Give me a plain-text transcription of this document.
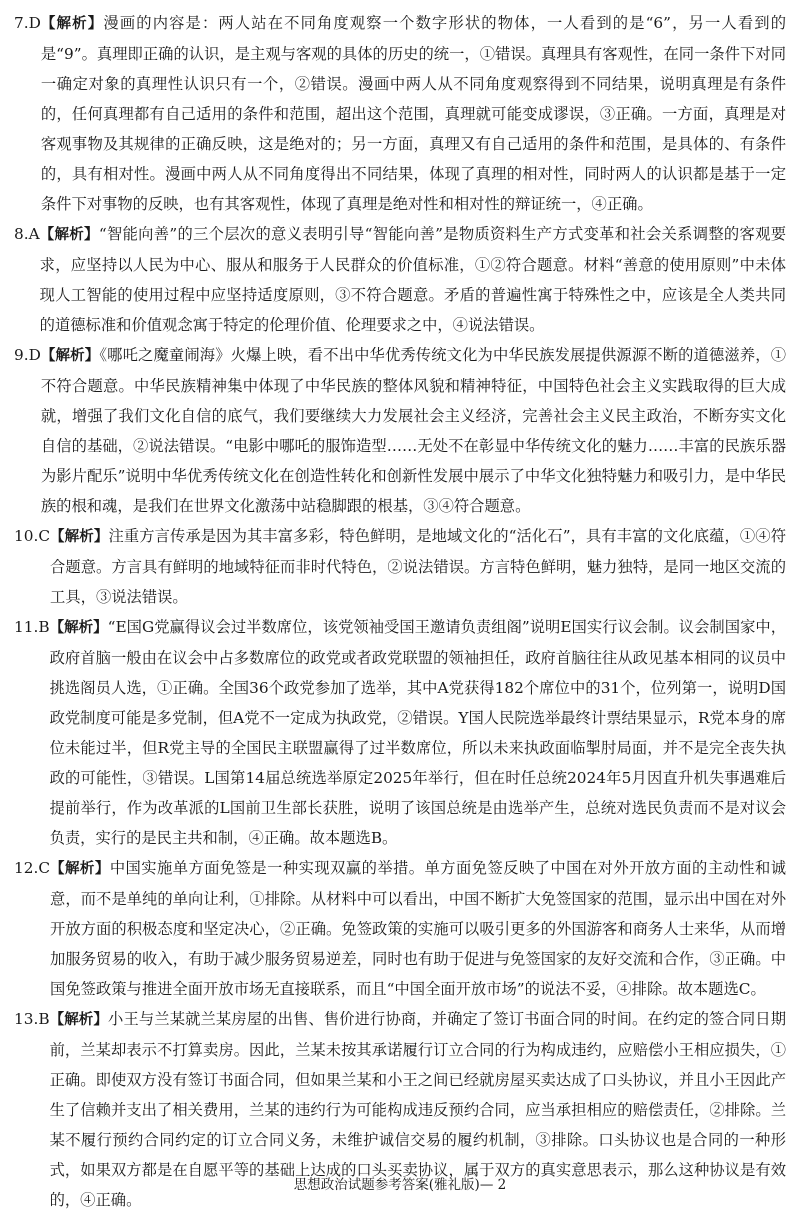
7.D 【解析】漫画的内容是：两人站在不同角度观察一个数字形状的物体，一人看到的是“6”，另一人看到的是“9”。真理即正确的认识，是主观与客观的具体的历史的统一，①错误。真理具有客观性，在同一条件下对同一确定对象的真理性认识只有一个，②错误。漫画中两人从不同角度观察得到不同结果，说明真理是有条件的，任何真理都有自己适用的条件和范围，超出这个范围，真理就可能变成谬误，③正确。一方面，真理是对客观事物及其规律的正确反映，这是绝对的；另一方面，真理又有自己适用的条件和范围，是具体的、有条件的，具有相对性。漫画中两人从不同角度得出不同结果，体现了真理的相对性，同时两人的认识都是基于一定条件下对事物的反映，也有其客观性，体现了真理是绝对性和相对性的辩证统一，④正确。
8.A 【解析】“智能向善”的三个层次的意义表明引导“智能向善”是物质资料生产方式变革和社会关系调整的客观要求，应坚持以人民为中心、服从和服务于人民群众的价值标准，①②符合题意。材料“善意的使用原则”中未体现人工智能的使用过程中应坚持适度原则，③不符合题意。矛盾的普遍性寓于特殊性之中，应该是全人类共同的道德标准和价值观念寓于特定的伦理价值、伦理要求之中，④说法错误。
9.D 【解析】《哪吒之魔童闹海》火爆上映，看不出中华优秀传统文化为中华民族发展提供源源不断的道德滋养，①不符合题意。中华民族精神集中体现了中华民族的整体风貌和精神特征，中国特色社会主义实践取得的巨大成就，增强了我们文化自信的底气，我们要继续大力发展社会主义经济，完善社会主义民主政治，不断夯实文化自信的基础，②说法错误。“电影中哪吒的服饰造型……无处不在彰显中华传统文化的魅力……丰富的民族乐器为影片配乐”说明中华优秀传统文化在创造性转化和创新性发展中展示了中华文化独特魅力和吸引力，是中华民族的根和魂，是我们在世界文化激荡中站稳脚跟的根基，③④符合题意。
10.C 【解析】注重方言传承是因为其丰富多彩，特色鲜明，是地域文化的“活化石”，具有丰富的文化底蕴，①④符合题意。方言具有鲜明的地域特征而非时代特色，②说法错误。方言特色鲜明，魅力独特，是同一地区交流的工具，③说法错误。
11.B 【解析】“E国G党赢得议会过半数席位，该党领袖受国王邀请负责组阁”说明E国实行议会制。议会制国家中，政府首脑一般由在议会中占多数席位的政党或者政党联盟的领袖担任，政府首脑往往从政见基本相同的议员中挑选阁员人选，①正确。全国36个政党参加了选举，其中A党获得182个席位中的31个，位列第一，说明D国政党制度可能是多党制，但A党不一定成为执政党，②错误。Y国人民院选举最终计票结果显示，R党本身的席位未能过半，但R党主导的全国民主联盟赢得了过半数席位，所以未来执政面临掣肘局面，并不是完全丧失执政的可能性，③错误。L国第14届总统选举原定2025年举行，但在时任总统2024年5月因直升机失事遇难后提前举行，作为改革派的L国前卫生部长获胜，说明了该国总统是由选举产生，总统对选民负责而不是对议会负责，实行的是民主共和制，④正确。故本题选B。
12.C 【解析】中国实施单方面免签是一种实现双赢的举措。单方面免签反映了中国在对外开放方面的主动性和诚意，而不是单纯的单向让利，①排除。从材料中可以看出，中国不断扩大免签国家的范围，显示出中国在对外开放方面的积极态度和坚定决心，②正确。免签政策的实施可以吸引更多的外国游客和商务人士来华，从而增加服务贸易的收入，有助于减少服务贸易逆差，同时也有助于促进与免签国家的友好交流和合作，③正确。中国免签政策与推进全面开放市场无直接联系，而且“中国全面开放市场”的说法不妥，④排除。故本题选C。
13.B 【解析】小王与兰某就兰某房屋的出售、售价进行协商，并确定了签订书面合同的时间。在约定的签合同日期前，兰某却表示不打算卖房。因此，兰某未按其承诺履行订立合同的行为构成违约，应赔偿小王相应损失，①正确。即使双方没有签订书面合同，但如果兰某和小王之间已经就房屋买卖达成了口头协议，并且小王因此产生了信赖并支出了相关费用，兰某的违约行为可能构成违反预约合同，应当承担相应的赔偿责任，②排除。兰某不履行预约合同约定的订立合同义务，未维护诚信交易的履约机制，③排除。口头协议也是合同的一种形式，如果双方都是在自愿平等的基础上达成的口头买卖协议，属于双方的真实意思表示，那么这种协议是有效的，④正确。
思想政治试题参考答案(雅礼版)— 2
